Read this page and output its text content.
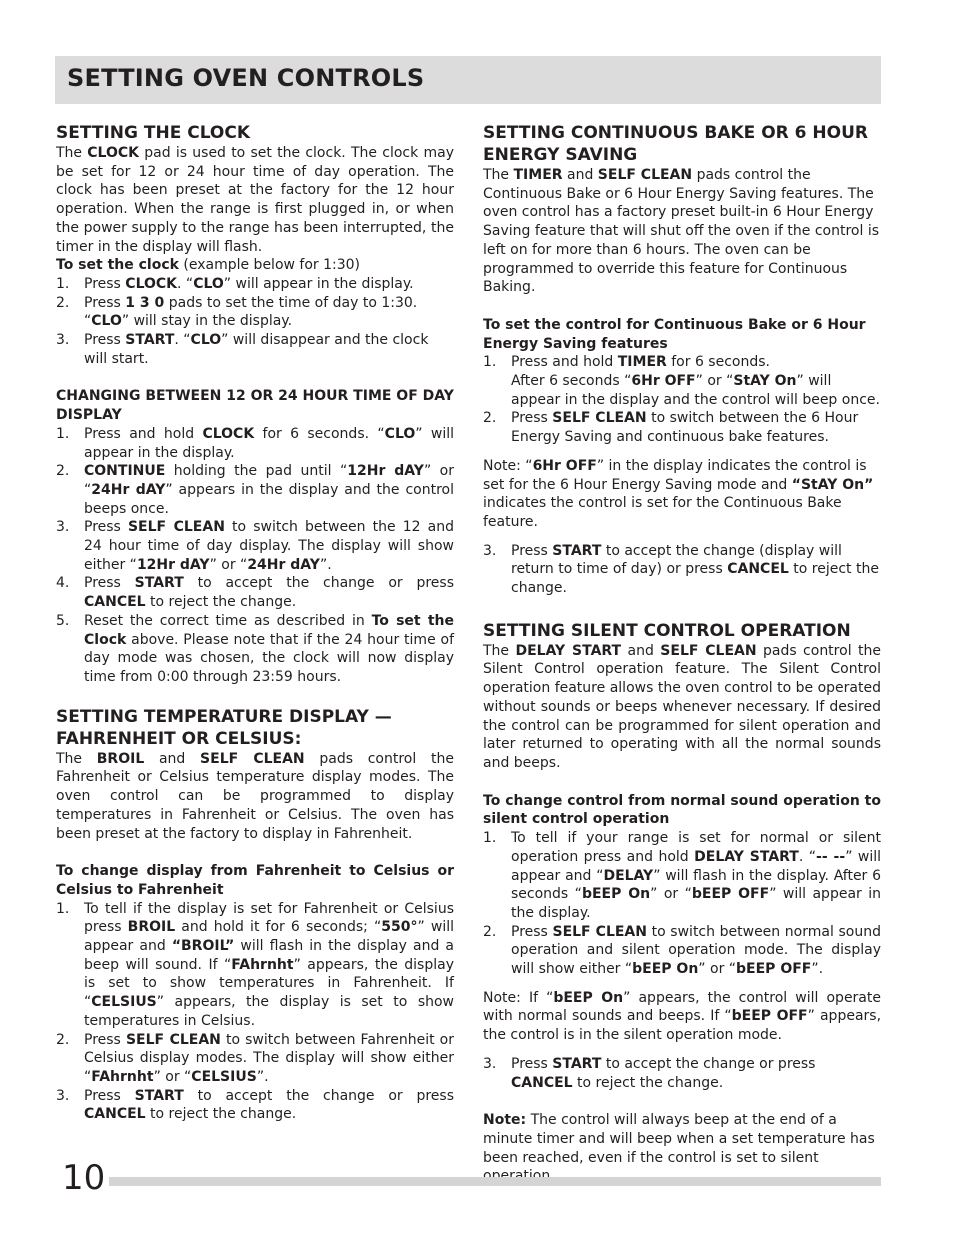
SETTING OVEN CONTROLS
SETTING THE CLOCK

The CLOCK pad is used to set the clock. The clock may be set for 12 or 24 hour time of day operation. The clock has been preset at the factory for the 12 hour operation. When the range is first plugged in, or when the power supply to the range has been interrupted, the timer in the display will flash.

To set the clock (example below for 1:30)

1. Press CLOCK. “CLO” will appear in the display.
2. Press 1 3 0 pads to set the time of day to 1:30. “CLO” will stay in the display.
3. Press START. “CLO” will disappear and the clock will start.
CHANGING BETWEEN 12 OR 24 HOUR TIME OF DAY DISPLAY
1. Press and hold CLOCK for 6 seconds. “CLO” will appear in the display.
2. CONTINUE holding the pad until “12Hr dAY” or “24Hr dAY” appears in the display and the control beeps once.
3. Press SELF CLEAN to switch between the 12 and 24 hour time of day display. The display will show either “12Hr dAY” or “24Hr dAY”.
4. Press START to accept the change or press CANCEL to reject the change.
5. Reset the correct time as described in To set the Clock above. Please note that if the 24 hour time of day mode was chosen, the clock will now display time from 0:00 through 23:59 hours.
SETTING TEMPERATURE DISPLAY — FAHRENHEIT OR CELSIUS:

The BROIL and SELF CLEAN pads control the Fahrenheit or Celsius temperature display modes. The oven control can be programmed to display temperatures in Fahrenheit or Celsius. The oven has been preset at the factory to display in Fahrenheit.

To change display from Fahrenheit to Celsius or Celsius to Fahrenheit
1. To tell if the display is set for Fahrenheit or Celsius press BROIL and hold it for 6 seconds; “550°” will appear and “BROIL” will flash in the display and a beep will sound. If “FAhrnht” appears, the display is set to show temperatures in Fahrenheit. If “CELSIUS” appears, the display is set to show temperatures in Celsius.
2. Press SELF CLEAN to switch between Fahrenheit or Celsius display modes. The display will show either “FAhrnht” or “CELSIUS”.
3. Press START to accept the change or press CANCEL to reject the change.
SETTING CONTINUOUS BAKE OR 6 HOUR ENERGY SAVING

The TIMER and SELF CLEAN pads control the Continuous Bake or 6 Hour Energy Saving features. The oven control has a factory preset built-in 6 Hour Energy Saving feature that will shut off the oven if the control is left on for more than 6 hours. The oven can be programmed to override this feature for Continuous Baking.

To set the control for Continuous Bake or 6 Hour Energy Saving features
1. Press and hold TIMER for 6 seconds.
After 6 seconds “6Hr OFF” or “StAY On” will appear in the display and the control will beep once.
2. Press SELF CLEAN to switch between the 6 Hour Energy Saving and continuous bake features.

Note: “6Hr OFF” in the display indicates the control is set for the 6 Hour Energy Saving mode and “StAY On” indicates the control is set for the Continuous Bake feature.

3. Press START to accept the change (display will return to time of day) or press CANCEL to reject the change.
SETTING SILENT CONTROL OPERATION

The DELAY START and SELF CLEAN pads control the Silent Control operation feature. The Silent Control operation feature allows the oven control to be operated without sounds or beeps whenever necessary. If desired the control can be programmed for silent operation and later returned to operating with all the normal sounds and beeps.

To change control from normal sound operation to silent control operation
1. To tell if your range is set for normal or silent operation press and hold DELAY START. “-- --” will appear and “DELAY” will flash in the display. After 6 seconds “bEEP On” or “bEEP OFF” will appear in the display.
2. Press SELF CLEAN to switch between normal sound operation and silent operation mode. The display will show either “bEEP On” or “bEEP OFF”.

Note: If “bEEP On” appears, the control will operate with normal sounds and beeps. If “bEEP OFF” appears, the control is in the silent operation mode.

3. Press START to accept the change or press CANCEL to reject the change.

Note: The control will always beep at the end of a minute timer and will beep when a set temperature has been reached, even if the control is set to silent

10
